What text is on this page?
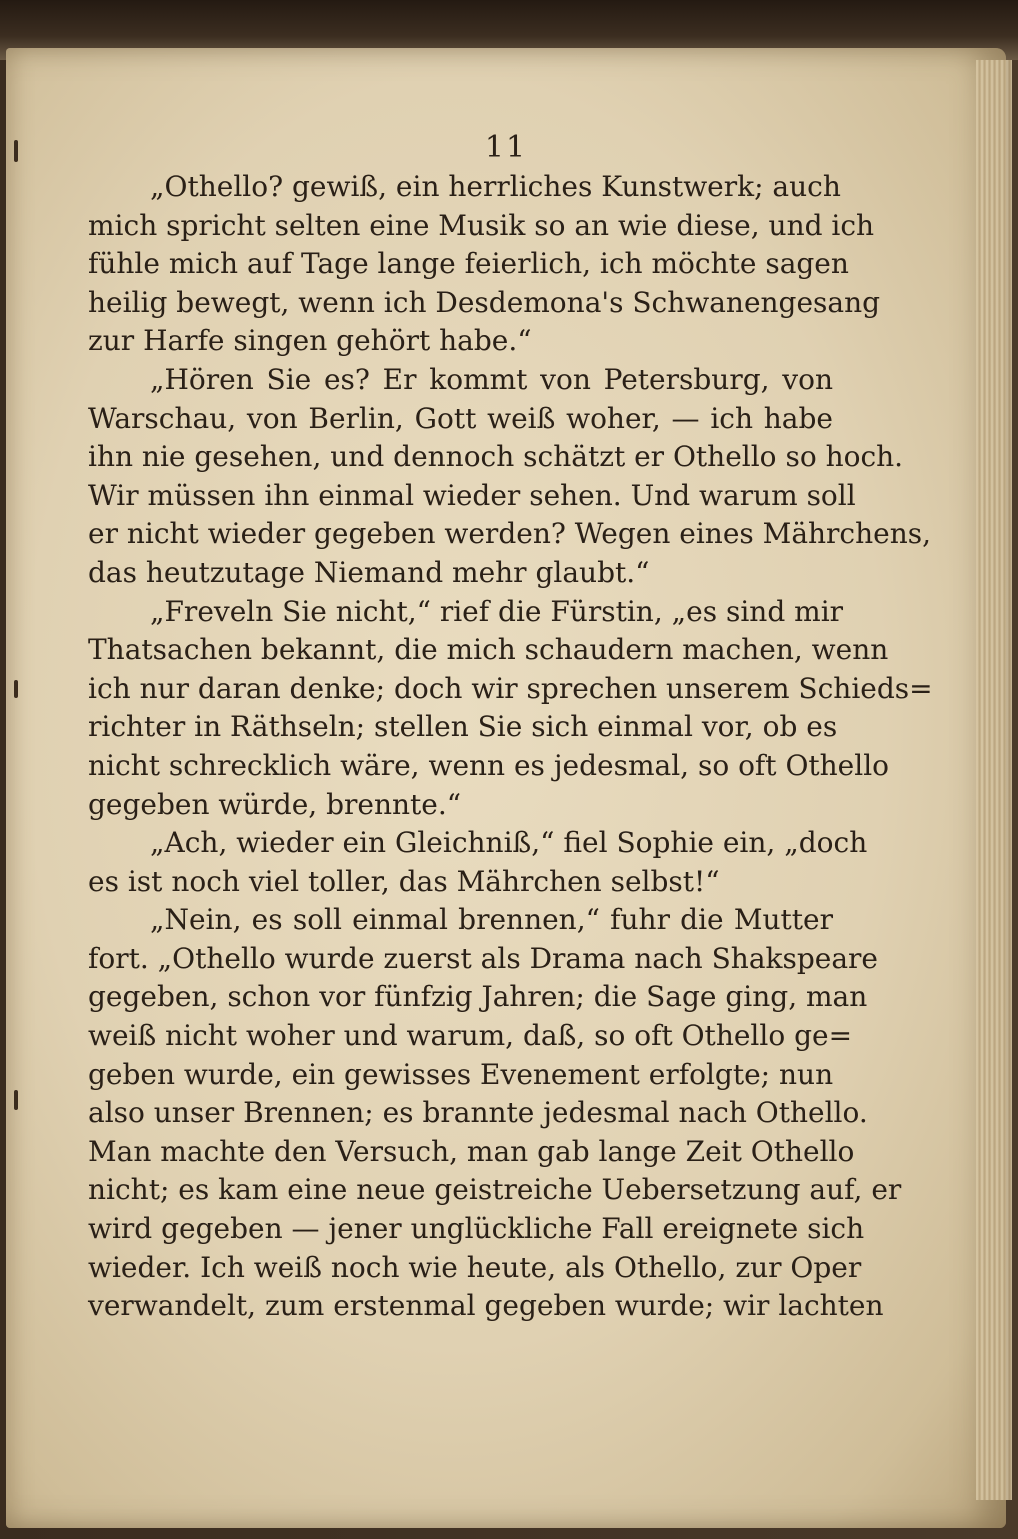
11
„Othello? gewiß, ein herrliches Kunstwerk; auch
mich spricht selten eine Musik so an wie diese, und ich
fühle mich auf Tage lange feierlich, ich möchte sagen
heilig bewegt, wenn ich Desdemona's Schwanengesang
zur Harfe singen gehört habe.“
„Hören Sie es? Er kommt von Petersburg, von
Warschau, von Berlin, Gott weiß woher, — ich habe
ihn nie gesehen, und dennoch schätzt er Othello so hoch.
Wir müssen ihn einmal wieder sehen. Und warum soll
er nicht wieder gegeben werden? Wegen eines Mährchens,
das heutzutage Niemand mehr glaubt.“
„Freveln Sie nicht,“ rief die Fürstin, „es sind mir
Thatsachen bekannt, die mich schaudern machen, wenn
ich nur daran denke; doch wir sprechen unserem Schieds=
richter in Räthseln; stellen Sie sich einmal vor, ob es
nicht schrecklich wäre, wenn es jedesmal, so oft Othello
gegeben würde, brennte.“
„Ach, wieder ein Gleichniß,“ fiel Sophie ein, „doch
es ist noch viel toller, das Mährchen selbst!“
„Nein, es soll einmal brennen,“ fuhr die Mutter
fort. „Othello wurde zuerst als Drama nach Shakspeare
gegeben, schon vor fünfzig Jahren; die Sage ging, man
weiß nicht woher und warum, daß, so oft Othello ge=
geben wurde, ein gewisses Evenement erfolgte; nun
also unser Brennen; es brannte jedesmal nach Othello.
Man machte den Versuch, man gab lange Zeit Othello
nicht; es kam eine neue geistreiche Uebersetzung auf, er
wird gegeben — jener unglückliche Fall ereignete sich
wieder. Ich weiß noch wie heute, als Othello, zur Oper
verwandelt, zum erstenmal gegeben wurde; wir lachten
